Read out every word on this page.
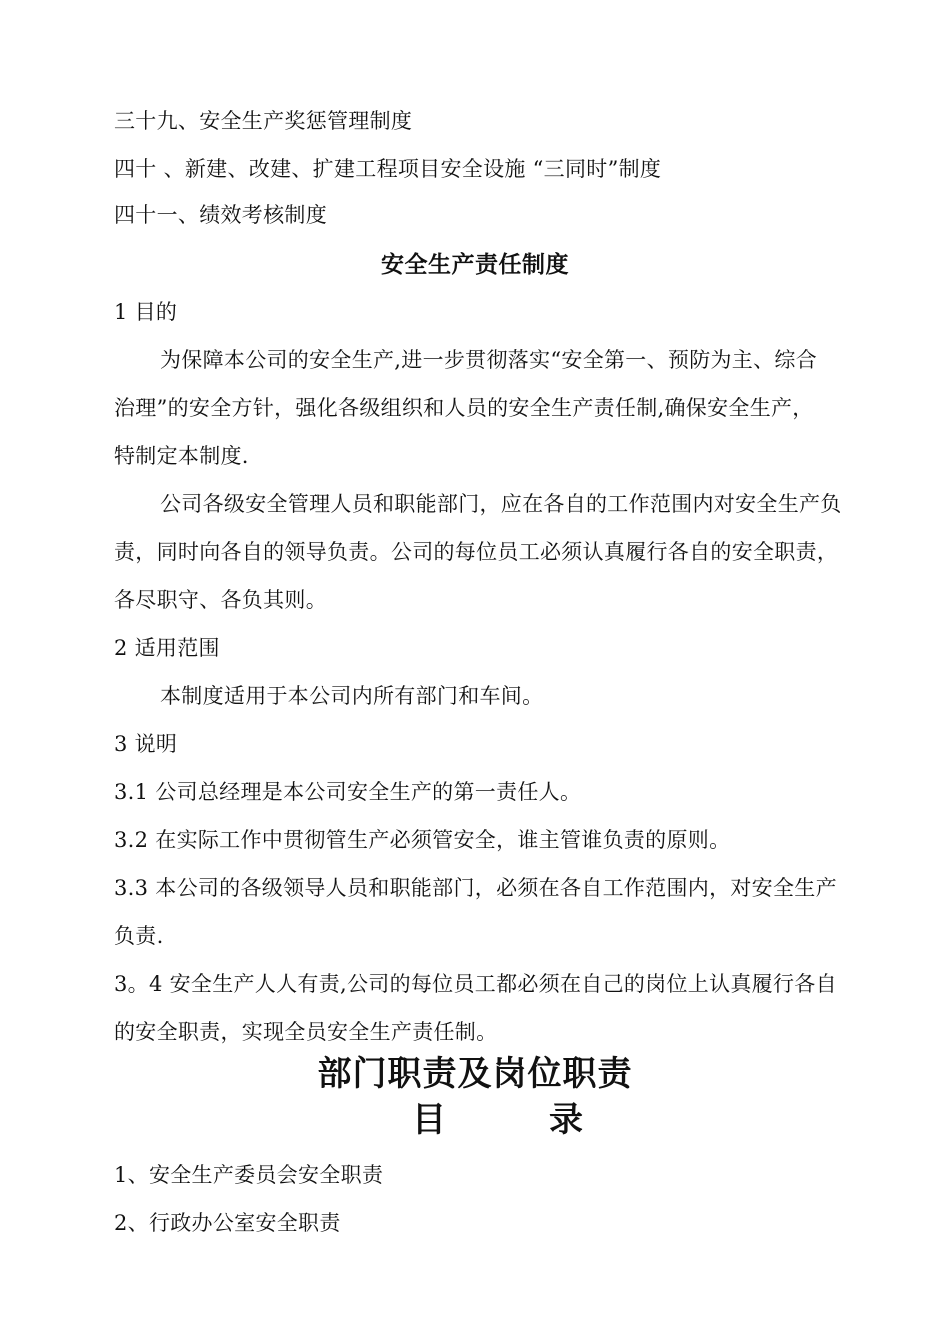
三十九、安全生产奖惩管理制度
四十 、新建、改建、扩建工程项目安全设施 “三同时”制度
四十一、绩效考核制度
安全生产责任制度
1 目的
为保障本公司的安全生产,进一步贯彻落实“安全第一、预防为主、综合
治理”的安全方针，强化各级组织和人员的安全生产责任制,确保安全生产，
特制定本制度.
公司各级安全管理人员和职能部门，应在各自的工作范围内对安全生产负
责，同时向各自的领导负责。公司的每位员工必须认真履行各自的安全职责，
各尽职守、各负其则。
2 适用范围
本制度适用于本公司内所有部门和车间。
3 说明
3.1 公司总经理是本公司安全生产的第一责任人。
3.2 在实际工作中贯彻管生产必须管安全，谁主管谁负责的原则。
3.3 本公司的各级领导人员和职能部门，必须在各自工作范围内，对安全生产
负责.
3。4 安全生产人人有责,公司的每位员工都必须在自己的岗位上认真履行各自
的安全职责，实现全员安全生产责任制。
部门职责及岗位职责
目	录
1、安全生产委员会安全职责
2、行政办公室安全职责
